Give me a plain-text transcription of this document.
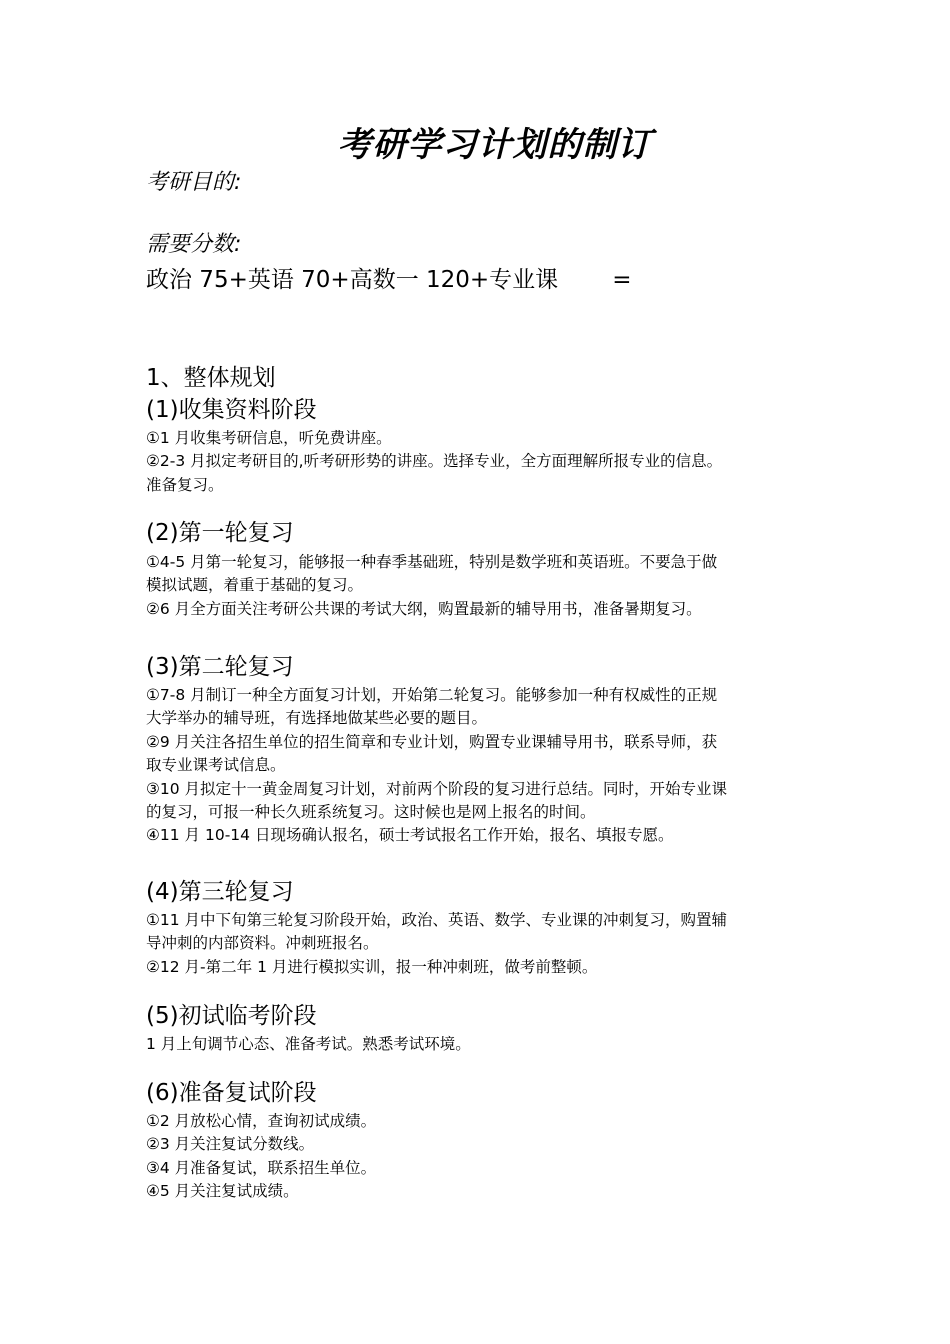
考研学习计划的制订
考研目的:
需要分数:
政治 75+英语 70+高数一 120+专业课 =
1、整体规划
(1)收集资料阶段
①1 月收集考研信息，听免费讲座。
②2-3 月拟定考研目的,听考研形势的讲座。选择专业，全方面理解所报专业的信息。
准备复习。
(2)第一轮复习
①4-5 月第一轮复习，能够报一种春季基础班，特别是数学班和英语班。不要急于做
模拟试题，着重于基础的复习。
②6 月全方面关注考研公共课的考试大纲，购置最新的辅导用书，准备暑期复习。
(3)第二轮复习
①7-8 月制订一种全方面复习计划，开始第二轮复习。能够参加一种有权威性的正规
大学举办的辅导班，有选择地做某些必要的题目。
②9 月关注各招生单位的招生简章和专业计划，购置专业课辅导用书，联系导师，获
取专业课考试信息。
③10 月拟定十一黄金周复习计划，对前两个阶段的复习进行总结。同时，开始专业课
的复习，可报一种长久班系统复习。这时候也是网上报名的时间。
④11 月 10-14 日现场确认报名，硕士考试报名工作开始，报名、填报专愿。
(4)第三轮复习
①11 月中下旬第三轮复习阶段开始，政治、英语、数学、专业课的冲刺复习，购置辅
导冲刺的内部资料。冲刺班报名。
②12 月-第二年 1 月进行模拟实训，报一种冲刺班，做考前整顿。
(5)初试临考阶段
1 月上旬调节心态、准备考试。熟悉考试环境。
(6)准备复试阶段
①2 月放松心情，查询初试成绩。
②3 月关注复试分数线。
③4 月准备复试，联系招生单位。
④5 月关注复试成绩。
